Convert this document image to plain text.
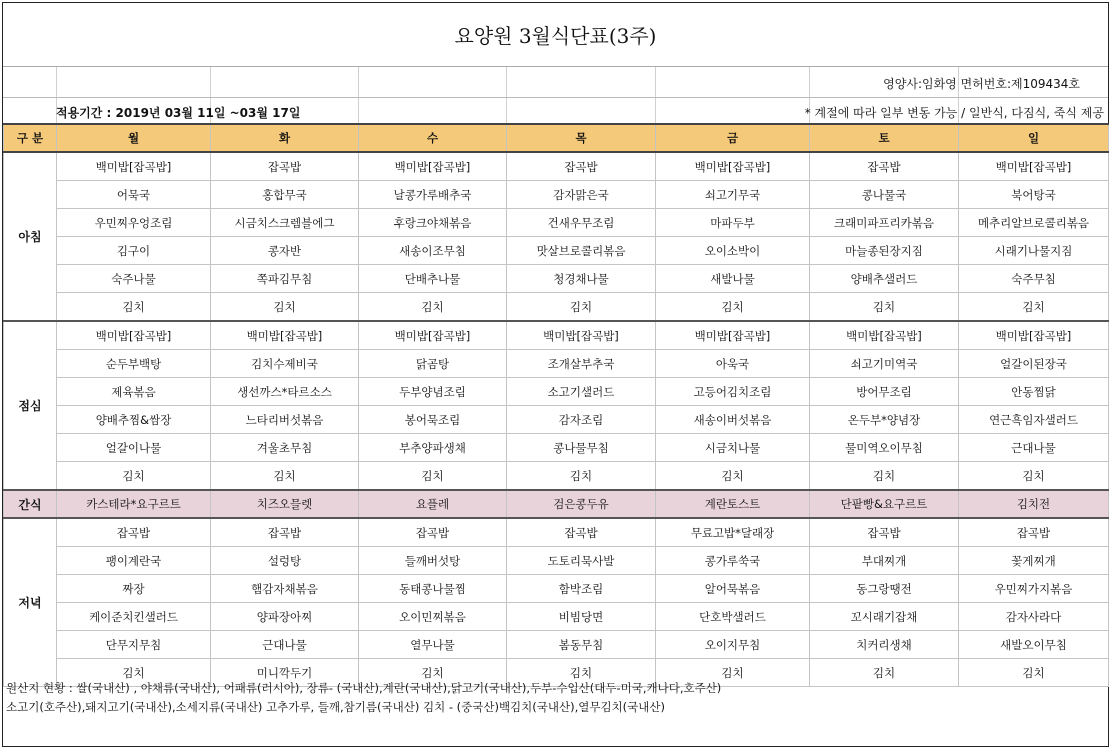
요양원 3월식단표(3주)
영양사:임화영 면허번호:제109434호
적용기간 : 2019년 03월 11일 ~03월 17일	* 계절에 따라 일부 변동 가능 / 일반식, 다짐식, 죽식 제공
구 분	월	화	수	목	금	토	일
아침	백미밥[잡곡밥]	잡곡밥	백미밥[잡곡밥]	잡곡밥	백미밥[잡곡밥]	잡곡밥	백미밥[잡곡밥]
	어묵국	홍합무국	날콩가루배추국	감자맑은국	쇠고기무국	콩나물국	북어탕국
	우민찌우엉조림	시금치스크렘블에그	후랑크야채볶음	건새우무조림	마파두부	크래미파프리카볶음	메추리알브로콜리볶음
	김구이	콩자반	새송이조무침	맛살브로콜리볶음	오이소박이	마늘종된장지짐	시래기나물지짐
	숙주나물	쪽파김무침	단배추나물	청경채나물	새발나물	양배추샐러드	숙주무침
	김치	김치	김치	김치	김치	김치	김치
점심	백미밥[잡곡밥]	백미밥[잡곡밥]	백미밥[잡곡밥]	백미밥[잡곡밥]	백미밥[잡곡밥]	백미밥[잡곡밥]	백미밥[잡곡밥]
	순두부백탕	김치수제비국	닭곰탕	조개살부추국	아욱국	쇠고기미역국	얼갈이된장국
	제육볶음	생선까스*타르소스	두부양념조림	소고기샐러드	고등어김치조림	방어무조림	안동찜닭
	양배추찜&쌈장	느타리버섯볶음	봉어묵조림	감자조림	새송이버섯볶음	온두부*양념장	연근흑임자샐러드
	얼갈이나물	겨울초무침	부추양파생채	콩나물무침	시금치나물	물미역오이무침	근대나물
	김치	김치	김치	김치	김치	김치	김치
간식	카스테라*요구르트	치즈오믈렛	요플레	검은콩두유	계란토스트	단팥빵&요구르트	김치전
저녁	잡곡밥	잡곡밥	잡곡밥	잡곡밥	무료고밥*달래장	잡곡밥	잡곡밥
	팽이계란국	설렁탕	들깨버섯탕	도토리묵사발	콩가루쑥국	부대찌개	꽃게찌개
	짜장	햄감자채볶음	동태콩나물찜	함박조림	알어묵볶음	동그랑땡전	우민찌가지볶음
	케이준치킨샐러드	양파장아찌	오이민찌볶음	비빔당면	단호박샐러드	꼬시래기잡채	감자사라다
	단무지무침	근대나물	열무나물	봄동무침	오이지무침	치커리생채	새발오이무침
	김치	미니깍두기	김치	김치	김치	김치	김치
원산지 현황 : 쌀(국내산) , 야채류(국내산), 어패류(러시아), 장류- (국내산),계란(국내산),닭고기(국내산),두부-수입산(대두-미국,캐나다,호주산)
소고기(호주산),돼지고기(국내산),소세지류(국내산) 고추가루, 들깨,참기름(국내산) 김치 - (중국산)백김치(국내산),열무김치(국내산)
